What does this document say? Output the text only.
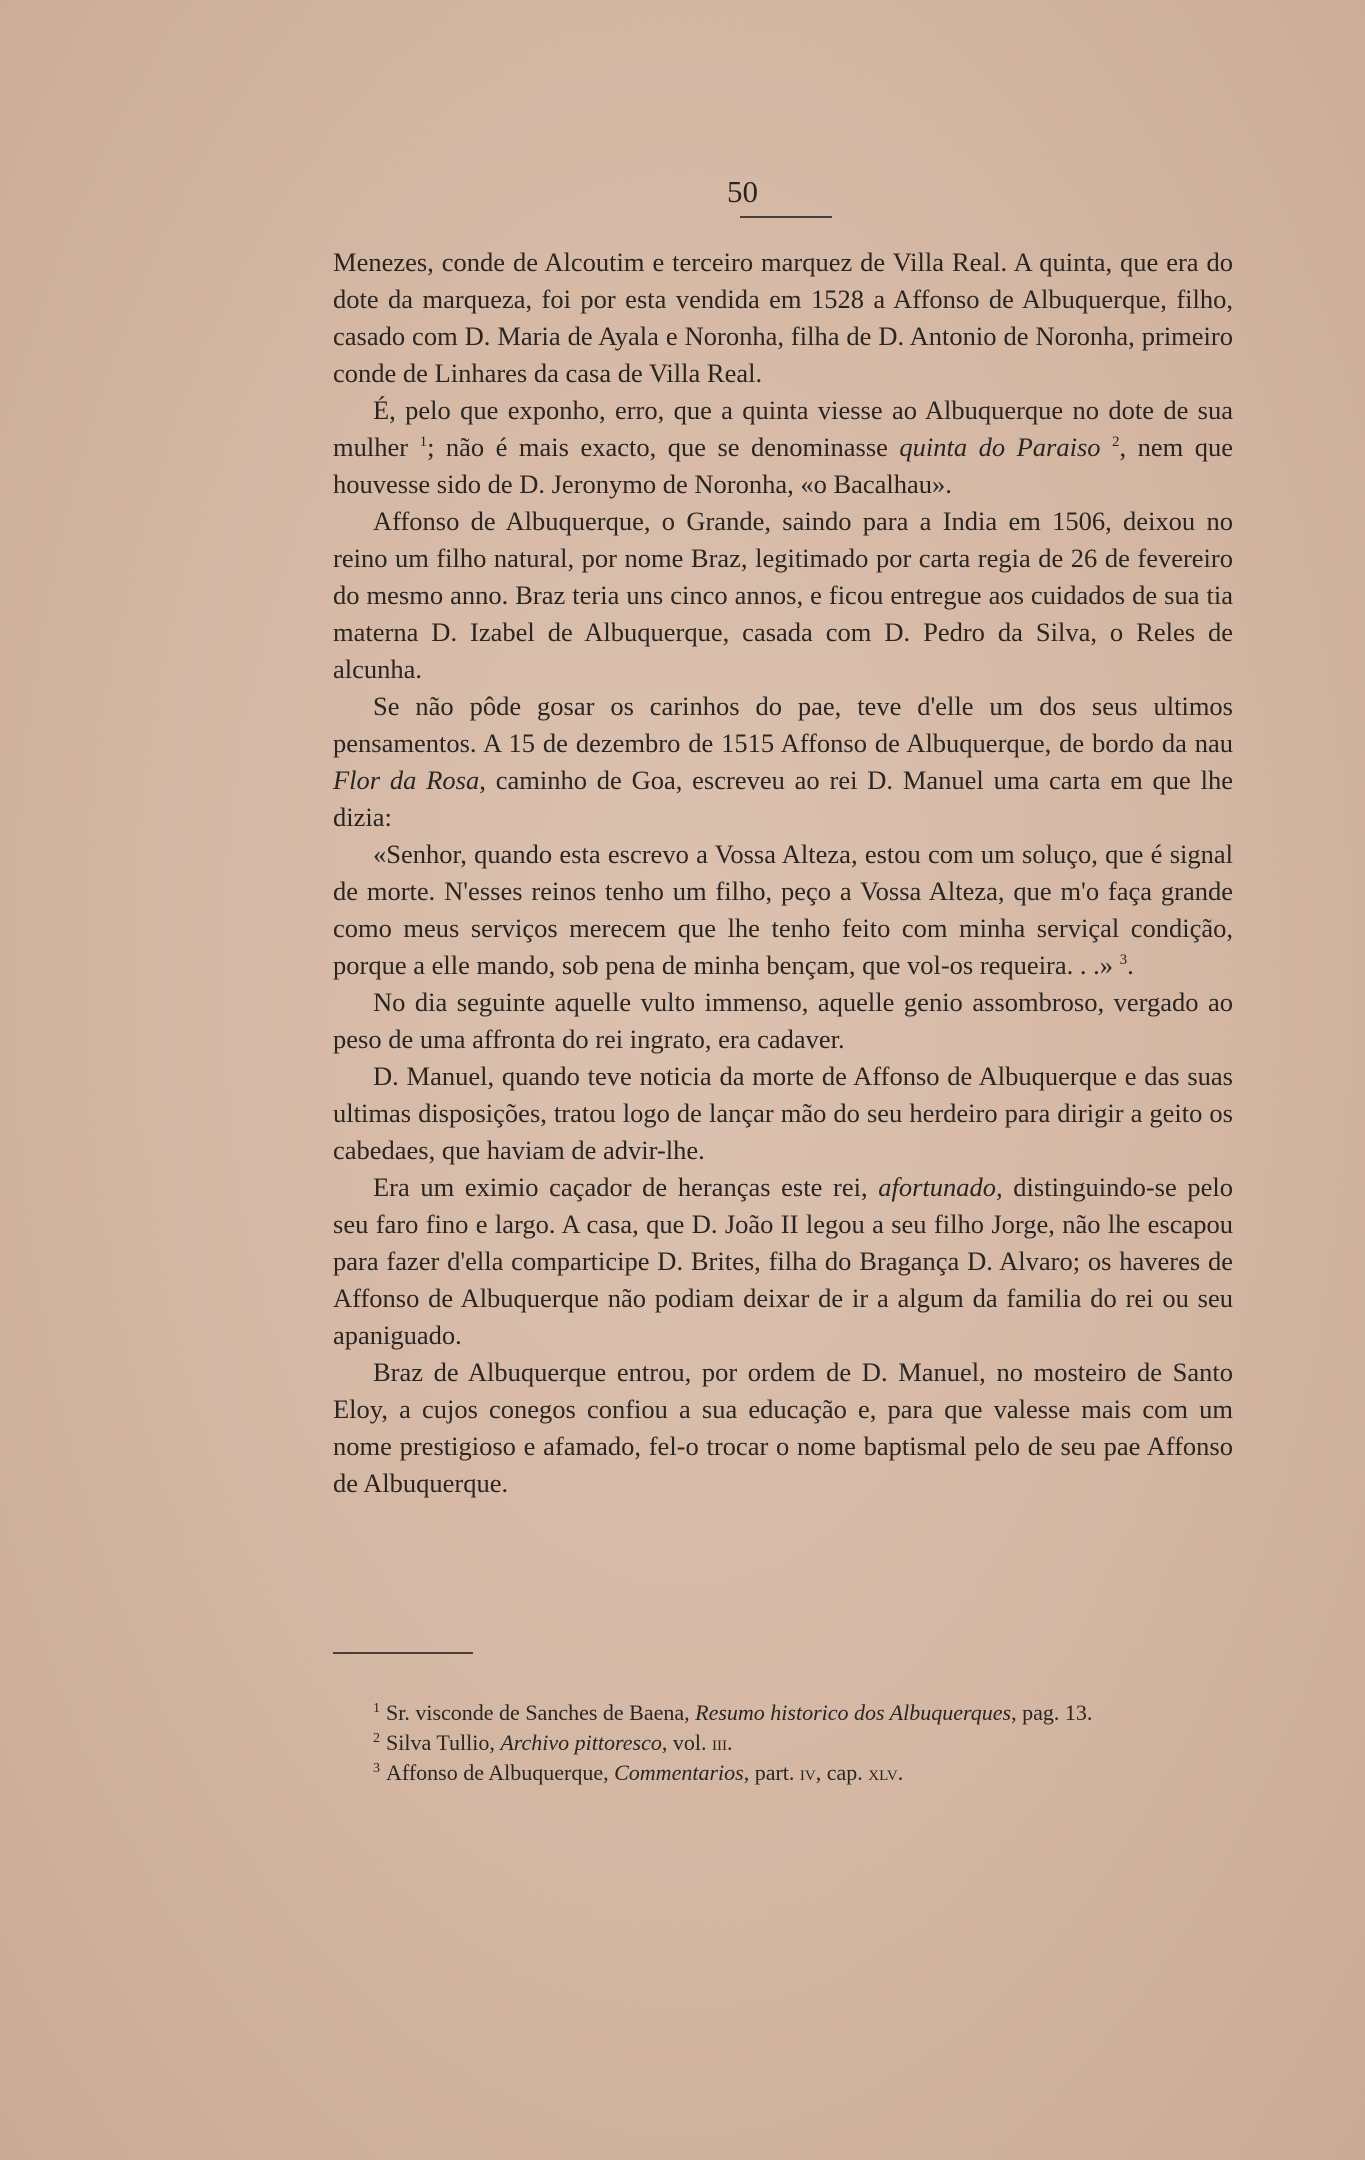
50

Menezes, conde de Alcoutim e terceiro marquez de Villa Real. A quinta, que era do dote da marqueza, foi por esta vendida em 1528 a Affonso de Albuquerque, filho, casado com D. Maria de Ayala e Noronha, filha de D. Antonio de Noronha, primeiro conde de Linhares da casa de Villa Real.

É, pelo que exponho, erro, que a quinta viesse ao Albuquerque no dote de sua mulher $^1$; não é mais exacto, que se denominasse quinta do Paraiso $^2$, nem que houvesse sido de D. Jeronymo de Noronha, «o Bacalhau».

Affonso de Albuquerque, o Grande, saindo para a India em 1506, deixou no reino um filho natural, por nome Braz, legitimado por carta regia de 26 de fevereiro do mesmo anno. Braz teria uns cinco annos, e ficou entregue aos cuidados de sua tia materna D. Izabel de Albuquerque, casada com D. Pedro da Silva, o Reles de alcunha.

Se não pôde gosar os carinhos do pae, teve d'elle um dos seus ultimos pensamentos. A 15 de dezembro de 1515 Affonso de Albuquerque, de bordo da nau Flor da Rosa, caminho de Goa, escreveu ao rei D. Manuel uma carta em que lhe dizia:

«Senhor, quando esta escrevo a Vossa Alteza, estou com um soluço, que é signal de morte. N'esses reinos tenho um filho, peço a Vossa Alteza, que m'o faça grande como meus serviços merecem que lhe tenho feito com minha serviçal condição, porque a elle mando, sob pena de minha bençam, que vol-os requeira. . .» $^3$.

No dia seguinte aquelle vulto immenso, aquelle genio assombroso, vergado ao peso de uma affronta do rei ingrato, era cadaver.

D. Manuel, quando teve noticia da morte de Affonso de Albuquerque e das suas ultimas disposições, tratou logo de lançar mão do seu herdeiro para dirigir a geito os cabedaes, que haviam de advir-lhe.

Era um eximio caçador de heranças este rei, afortunado, distinguindo-se pelo seu faro fino e largo. A casa, que D. João II legou a seu filho Jorge, não lhe escapou para fazer d'ella comparticipe D. Brites, filha do Bragança D. Alvaro; os haveres de Affonso de Albuquerque não podiam deixar de ir a algum da familia do rei ou seu apaniguado.

Braz de Albuquerque entrou, por ordem de D. Manuel, no mosteiro de Santo Eloy, a cujos conegos confiou a sua educação e, para que valesse mais com um nome prestigioso e afamado, fel-o trocar o nome baptismal pelo de seu pae Affonso de Albuquerque.

$^1$ Sr. visconde de Sanches de Baena, Resumo historico dos Albuquerques, pag. 13.

$^2$ Silva Tullio, Archivo pittoresco, vol. iii.

$^3$ Affonso de Albuquerque, Commentarios, part. iv, cap. xlv.
